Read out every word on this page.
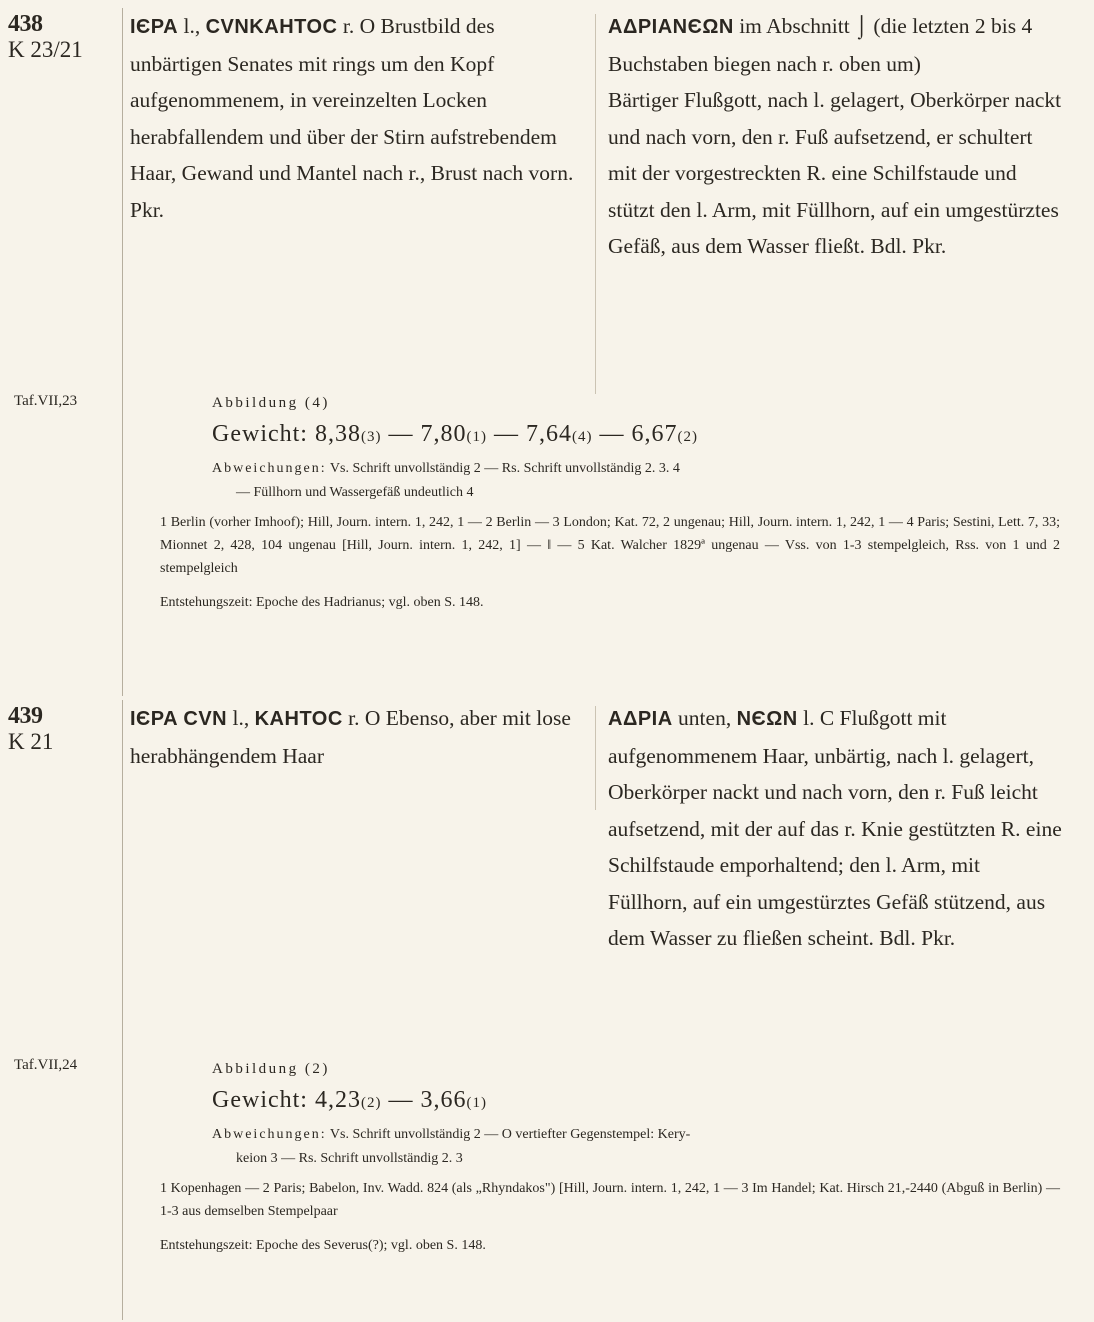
438
K 23/21
IЄPA l., CVNKAHTOC r. O Brustbild des unbärtigen Senates mit rings um den Kopf aufgenommenem, in vereinzelten Locken herabfallendem und über der Stirn aufstrebendem Haar, Gewand und Mantel nach r., Brust nach vorn. Pkr.
AΔPIANЄΩN im Abschnitt ⌡ (die letzten 2 bis 4 Buchstaben biegen nach r. oben um)
Bärtiger Flußgott, nach l. gelagert, Oberkörper nackt und nach vorn, den r. Fuß aufsetzend, er schultert mit der vorgestreckten R. eine Schilfstaude und stützt den l. Arm, mit Füllhorn, auf ein umgestürztes Gefäß, aus dem Wasser fließt. Bdl. Pkr.
Taf.VII,23	Abbildung (4)
Gewicht: 8,38(3) — 7,80(1) — 7,64(4) — 6,67(2)
Abweichungen: Vs. Schrift unvollständig 2 — Rs. Schrift unvollständig 2. 3. 4
— Füllhorn und Wassergefäß undeutlich 4
1 Berlin (vorher Imhoof); Hill, Journ. intern. 1, 242, 1 — 2 Berlin — 3 London; Kat. 72, 2 ungenau; Hill, Journ. intern. 1, 242, 1 — 4 Paris; Sestini, Lett. 7, 33; Mionnet 2, 428, 104 ungenau [Hill, Journ. intern. 1, 242, 1] — ‖ — 5 Kat. Walcher 1829ª ungenau — Vss. von 1-3 stempelgleich, Rss. von 1 und 2 stempelgleich
Entstehungszeit: Epoche des Hadrianus; vgl. oben S. 148.
439
K 21
IЄPA CVN l., KAHTOC r. O Ebenso, aber mit lose herabhängendem Haar
AΔPIA unten, NЄΩN l. C Flußgott mit aufgenommenem Haar, unbärtig, nach l. gelagert, Oberkörper nackt und nach vorn, den r. Fuß leicht aufsetzend, mit der auf das r. Knie gestützten R. eine Schilfstaude emporhaltend; den l. Arm, mit Füllhorn, auf ein umgestürztes Gefäß stützend, aus dem Wasser zu fließen scheint. Bdl. Pkr.
Taf.VII,24	Abbildung (2)
Gewicht: 4,23(2) — 3,66(1)
Abweichungen: Vs. Schrift unvollständig 2 — O vertiefter Gegenstempel: Kery-
keion 3 — Rs. Schrift unvollständig 2. 3
1 Kopenhagen — 2 Paris; Babelon, Inv. Wadd. 824 (als „Rhyndakos") [Hill, Journ. intern. 1, 242, 1 — 3 Im Handel; Kat. Hirsch 21,-2440 (Abguß in Berlin) — 1-3 aus demselben Stempelpaar
Entstehungszeit: Epoche des Severus(?); vgl. oben S. 148.
